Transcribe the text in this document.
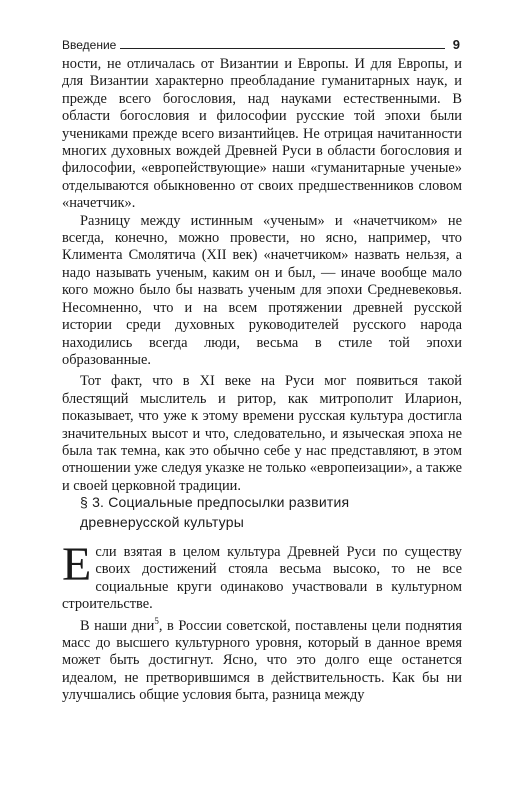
Введение	9

ности, не отличалась от Византии и Европы. И для Европы, и для Византии характерно преобладание гуманитарных наук, и прежде всего богословия, над науками естественными. В области богословия и философии русские той эпохи были учениками прежде всего византийцев. Не отрицая начитанности многих духовных вождей Древней Руси в области богословия и философии, «европействующие» наши «гуманитарные ученые» отделываются обыкновенно от своих предшественников словом «начетчик».

Разницу между истинным «ученым» и «начетчиком» не всегда, конечно, можно провести, но ясно, например, что Климента Смолятича (XII век) «начетчиком» назвать нельзя, а надо называть ученым, каким он и был, — иначе вообще мало кого можно было бы назвать ученым для эпохи Средневековья. Несомненно, что и на всем протяжении древней русской истории среди духовных руководителей русского народа находились всегда люди, весьма в стиле той эпохи образованные.

Тот факт, что в XI веке на Руси мог появиться такой блестящий мыслитель и ритор, как митрополит Иларион, показывает, что уже к этому времени русская культура достигла значительных высот и что, следовательно, и языческая эпоха не была так темна, как это обычно себе у нас представляют, в этом отношении уже следуя указке не только «европеизации», а также и своей церковной традиции.

§ 3. Социальные предпосылки развития
древнерусской культуры

Если взятая в целом культура Древней Руси по существу своих достижений стояла весьма высоко, то не все социальные круги одинаково участвовали в культурном строительстве.

В наши дни$^5$, в России советской, поставлены цели поднятия масс до высшего культурного уровня, который в данное время может быть достигнут. Ясно, что это долго еще останется идеалом, не претворившимся в действительность. Как бы ни улучшались общие условия быта, разница между
